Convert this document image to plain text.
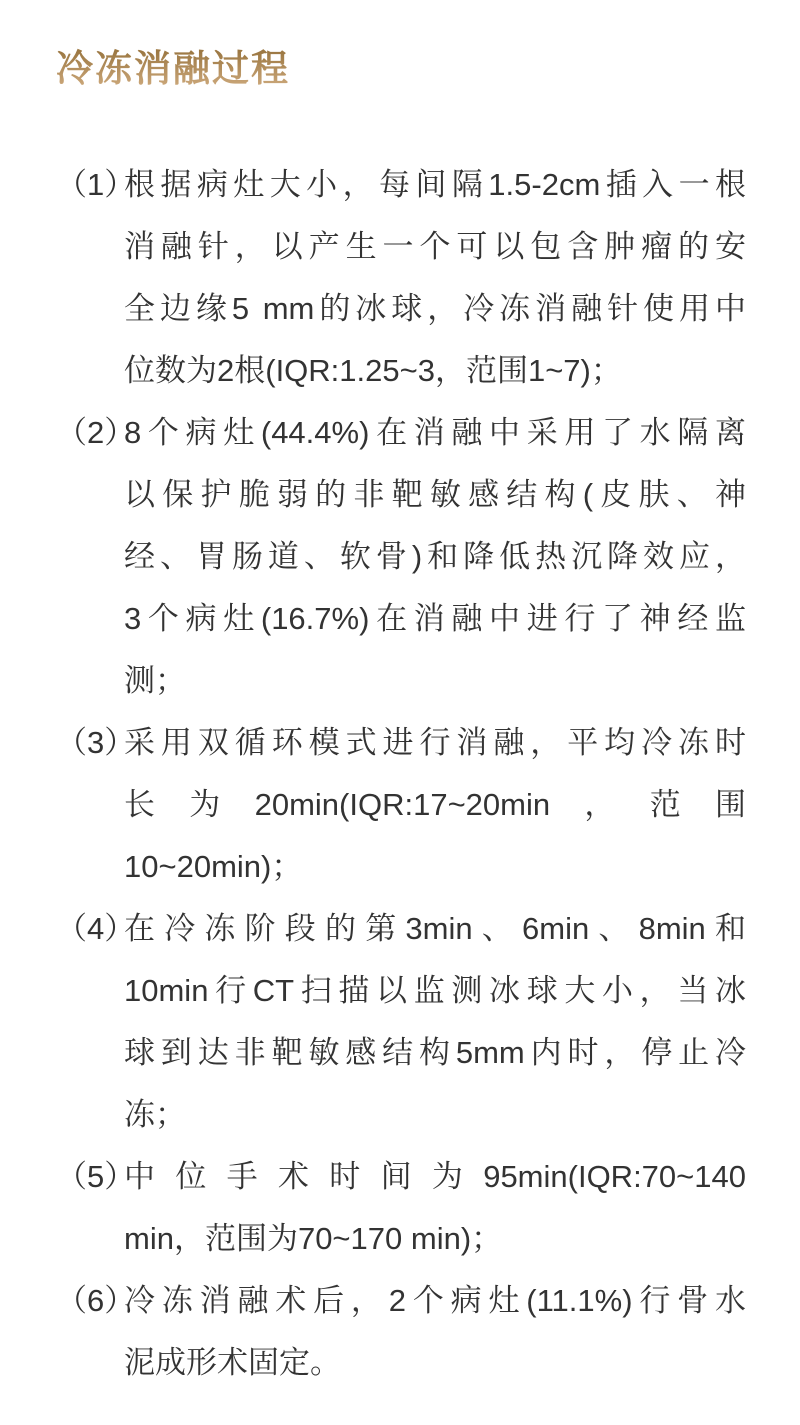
冷冻消融过程
（1）
根据病灶大小，每间隔1.5-2cm插入一根
消融针，以产生一个可以包含肿瘤的安
全边缘5 mm的冰球，冷冻消融针使用中
位数为2根(IQR:1.25~3，范围1~7)；
（2）
8个病灶(44.4%)在消融中采用了水隔离
以保护脆弱的非靶敏感结构(皮肤、神
经、胃肠道、软骨)和降低热沉降效应，
3个病灶(16.7%)在消融中进行了神经监
测；
（3）
采用双循环模式进行消融，平均冷冻时
长为20min(IQR:17~20min，范围
10~20min)；
（4）
在冷冻阶段的第3min、6min、8min和
10min行CT扫描以监测冰球大小，当冰
球到达非靶敏感结构5mm内时，停止冷
冻；
（5）
中位手术时间为95min(IQR:70~140
min，范围为70~170 min)；
（6）
冷冻消融术后，2个病灶(11.1%)行骨水
泥成形术固定。
